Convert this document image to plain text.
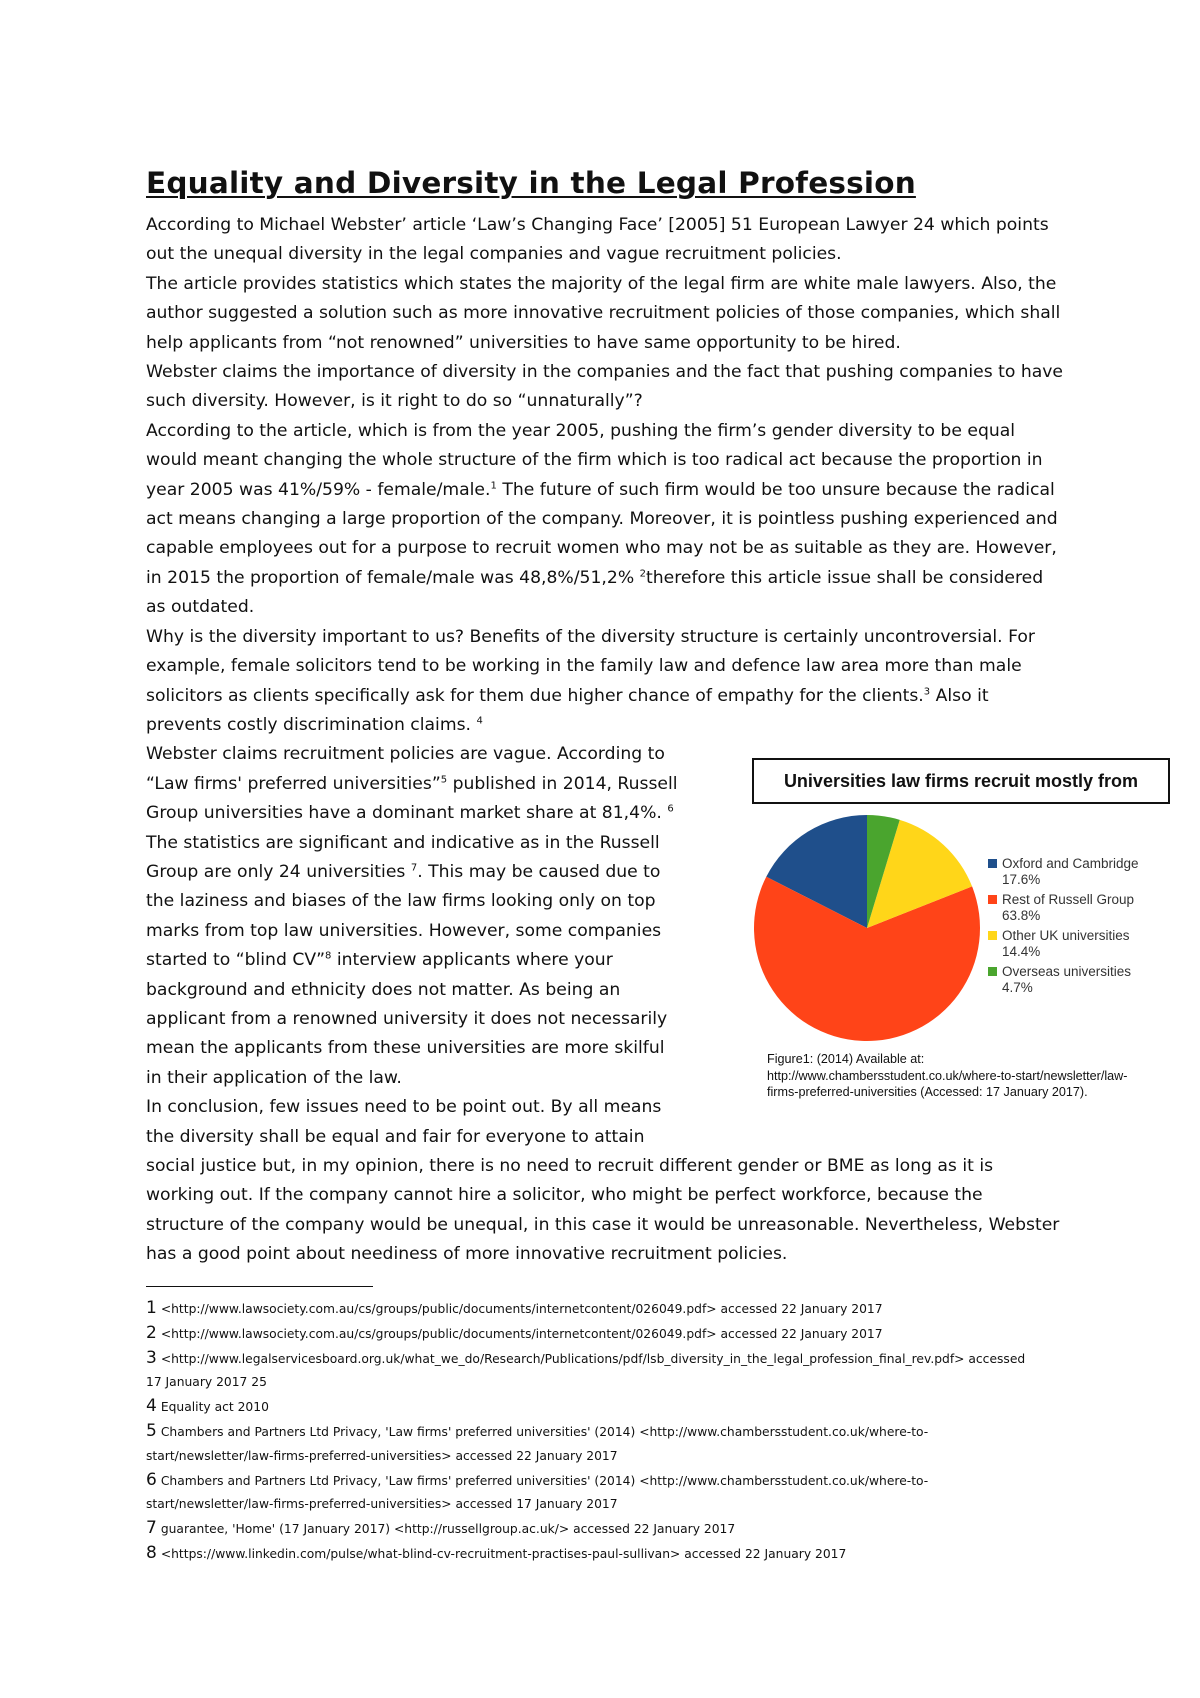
Equality and Diversity in the Legal Profession

According to Michael Webster’ article ‘Law’s Changing Face’ [2005] 51 European Lawyer 24 which points out the unequal diversity in the legal companies and vague recruitment policies.

The article provides statistics which states the majority of the legal firm are white male lawyers. Also, the author suggested a solution such as more innovative recruitment policies of those companies, which shall help applicants from “not renowned” universities to have same opportunity to be hired.

Webster claims the importance of diversity in the companies and the fact that pushing companies to have such diversity. However, is it right to do so “unnaturally”?

According to the article, which is from the year 2005, pushing the firm’s gender diversity to be equal would meant changing the whole structure of the firm which is too radical act because the proportion in year 2005 was 41%/59% - female/male.$^1$ The future of such firm would be too unsure because the radical act means changing a large proportion of the company. Moreover, it is pointless pushing experienced and capable employees out for a purpose to recruit women who may not be as suitable as they are. However, in 2015 the proportion of female/male was 48,8%/51,2% $^2$therefore this article issue shall be considered as outdated.

Why is the diversity important to us? Benefits of the diversity structure is certainly uncontroversial. For example, female solicitors tend to be working in the family law and defence law area more than male solicitors as clients specifically ask for them due higher chance of empathy for the clients.$^3$ Also it prevents costly discrimination claims. $^4$

Webster claims recruitment policies are vague. According to “Law firms' preferred universities”$^5$ published in 2014, Russell Group universities have a dominant market share at 81,4%. $^6$ The statistics are significant and indicative as in the Russell Group are only 24 universities $^7$. This may be caused due to the laziness and biases of the law firms looking only on top marks from top law universities. However, some companies started to “blind CV”$^8$ interview applicants where your background and ethnicity does not matter. As being an applicant from a renowned university it does not necessarily mean the applicants from these universities are more skilful in their application of the law.

In conclusion, few issues need to be point out. By all means the diversity shall be equal and fair for everyone to attain social justice but, in my opinion, there is no need to recruit different gender or BME as long as it is working out. If the company cannot hire a solicitor, who might be perfect workforce, because the structure of the company would be unequal, in this case it would be unreasonable. Nevertheless, Webster has a good point about neediness of more innovative recruitment policies.

Universities law firms recruit mostly from
Oxford and Cambridge
17.6%
Rest of Russell Group
63.8%
Other UK universities
14.4%
Overseas universities
4.7%
Figure1: (2014) Available at:
http://www.chambersstudent.co.uk/where-to-start/newsletter/law-
firms-preferred-universities (Accessed: 17 January 2017).
1 <http://www.lawsociety.com.au/cs/groups/public/documents/internetcontent/026049.pdf> accessed 22 January 2017
2 <http://www.lawsociety.com.au/cs/groups/public/documents/internetcontent/026049.pdf> accessed 22 January 2017
3 <http://www.legalservicesboard.org.uk/what_we_do/Research/Publications/pdf/lsb_diversity_in_the_legal_profession_final_rev.pdf> accessed 17 January 2017 25
4 Equality act 2010
5 Chambers and Partners Ltd Privacy, 'Law firms' preferred universities' (2014) <http://www.chambersstudent.co.uk/where-to-start/newsletter/law-firms-preferred-universities> accessed 22 January 2017
6 Chambers and Partners Ltd Privacy, 'Law firms' preferred universities' (2014) <http://www.chambersstudent.co.uk/where-to-start/newsletter/law-firms-preferred-universities> accessed 17 January 2017
7 guarantee, 'Home' (17 January 2017) <http://russellgroup.ac.uk/> accessed 22 January 2017
8 <https://www.linkedin.com/pulse/what-blind-cv-recruitment-practises-paul-sullivan> accessed 22 January 2017
